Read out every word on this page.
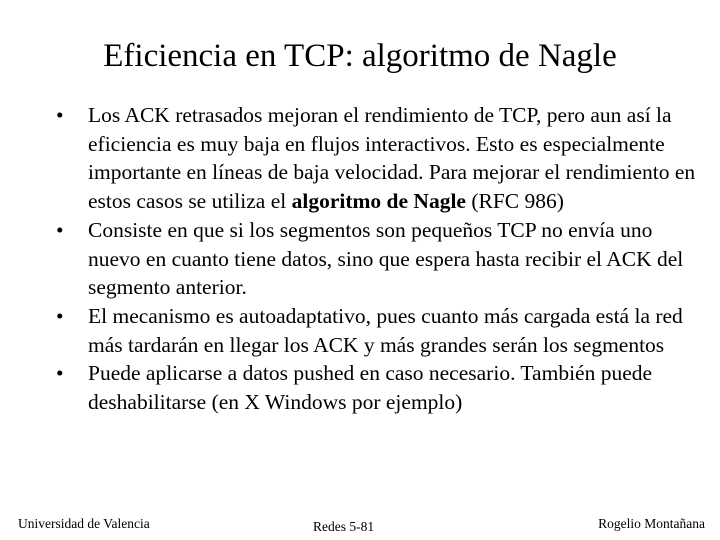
Eficiencia en TCP: algoritmo de Nagle
•	Los ACK retrasados mejoran el rendimiento de TCP, pero aun así la eficiencia es muy baja en flujos interactivos. Esto es especialmente importante en líneas de baja velocidad. Para mejorar el rendimiento en estos casos se utiliza el algoritmo de Nagle (RFC 986)
•	Consiste en que si los segmentos son pequeños TCP no envía uno nuevo en cuanto tiene datos, sino que espera hasta recibir el ACK del segmento anterior.
•	El mecanismo es autoadaptativo, pues cuanto más cargada está la red más tardarán en llegar los ACK y más grandes serán los segmentos
•	Puede aplicarse a datos pushed en caso necesario. También puede deshabilitarse (en X Windows por ejemplo)
Universidad de Valencia	Redes 5-81	Rogelio Montañana
